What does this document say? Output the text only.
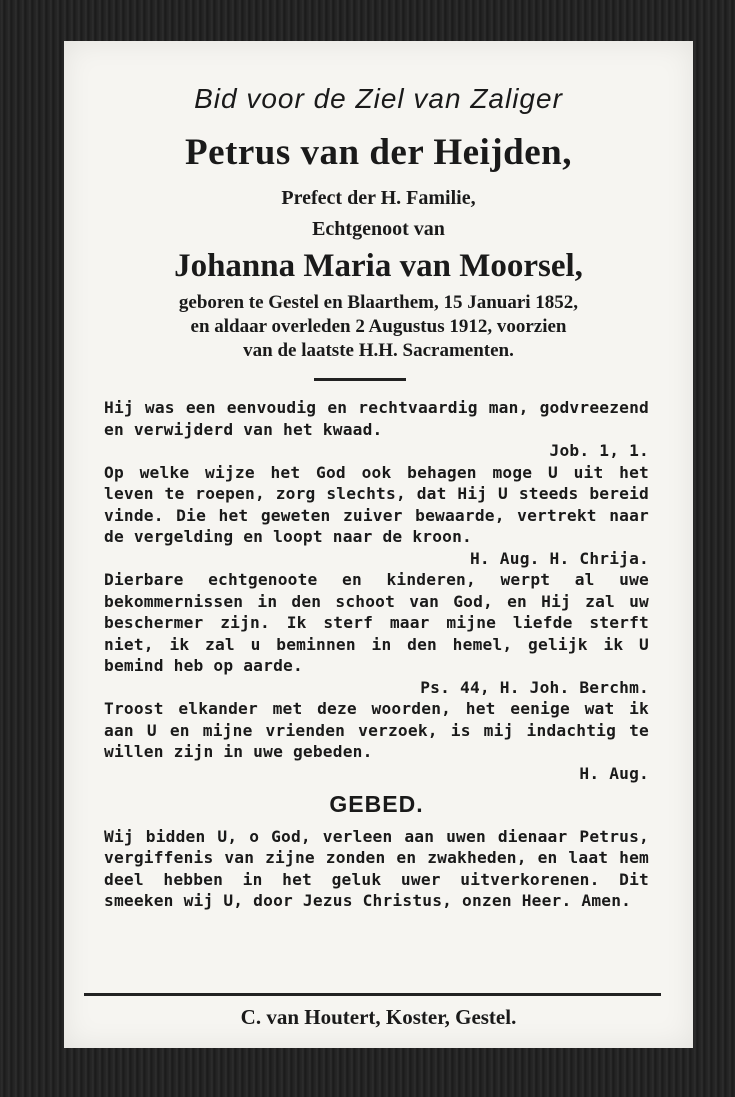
Bid voor de Ziel van Zaliger

Petrus van der Heijden,

Prefect der H. Familie,

Echtgenoot van

Johanna Maria van Moorsel,

geboren te Gestel en Blaarthem, 15 Januari 1852,
en aldaar overleden 2 Augustus 1912, voorzien
van de laatste H.H. Sacramenten.

Hij was een eenvoudig en rechtvaardig man, godvreezend en verwijderd van het kwaad.

Job. 1, 1.

Op welke wijze het God ook behagen moge U uit het leven te roepen, zorg slechts, dat Hij U steeds bereid vinde. Die het geweten zuiver bewaarde, vertrekt naar de vergelding en loopt naar de kroon.

H. Aug. H. Chrija.

Dierbare echtgenoote en kinderen, werpt al uwe bekommernissen in den schoot van God, en Hij zal uw beschermer zijn. Ik sterf maar mijne liefde sterft niet, ik zal u beminnen in den hemel, gelijk ik U bemind heb op aarde.

Ps. 44, H. Joh. Berchm.

Troost elkander met deze woorden, het eenige wat ik aan U en mijne vrienden verzoek, is mij indachtig te willen zijn in uwe gebeden.

H. Aug.

GEBED.

Wij bidden U, o God, verleen aan uwen dienaar Petrus, vergiffenis van zijne zonden en zwakheden, en laat hem deel hebben in het geluk uwer uitverkorenen. Dit smeeken wij U, door Jezus Christus, onzen Heer. Amen.

C. van Houtert, Koster, Gestel.
